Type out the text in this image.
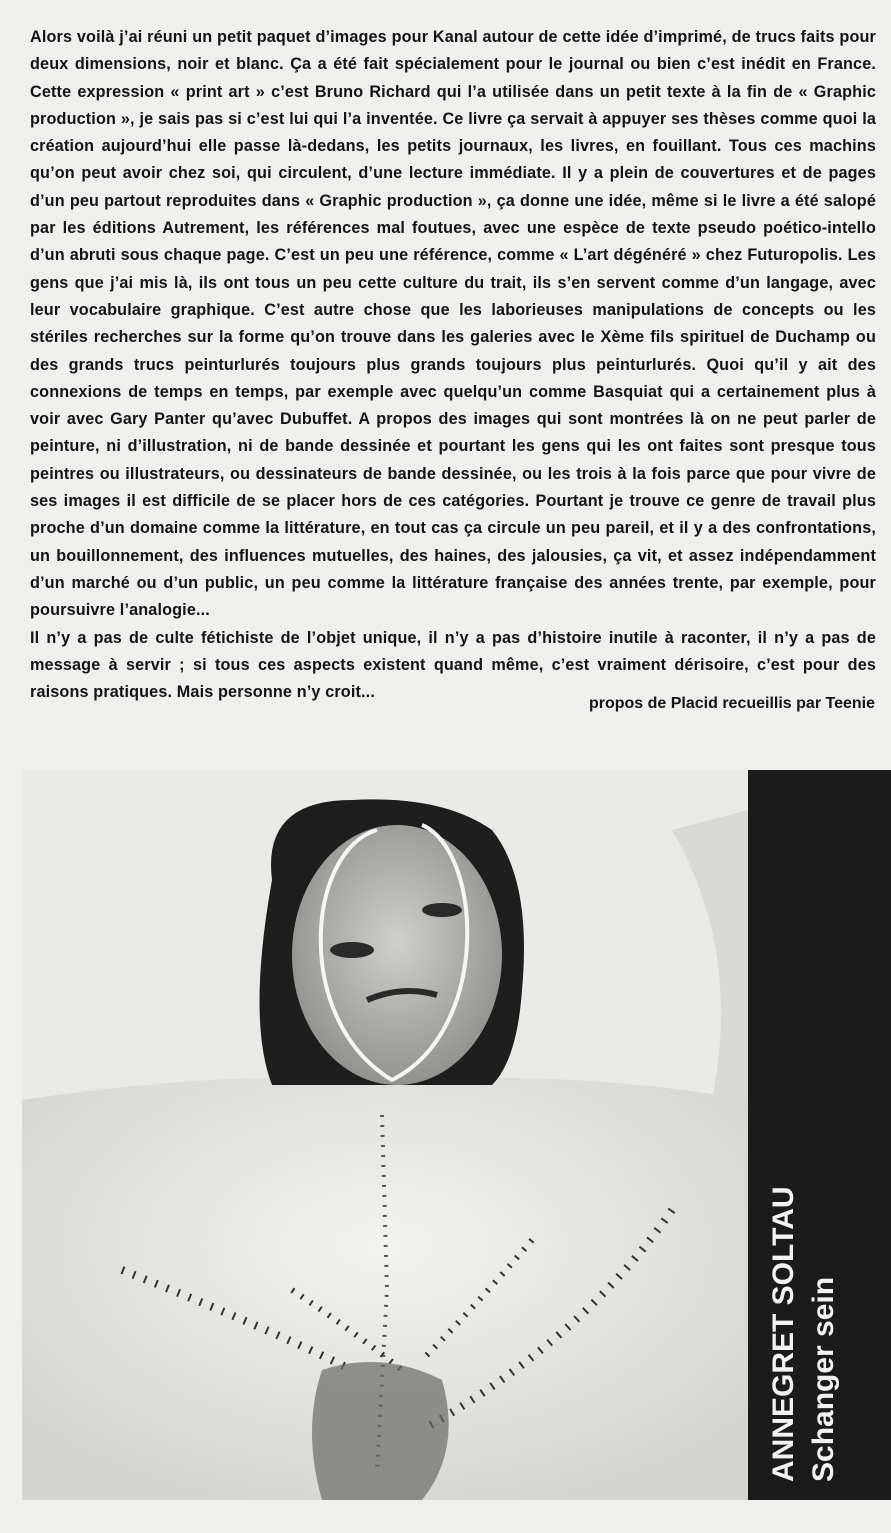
Alors voilà j’ai réuni un petit paquet d’images pour Kanal autour de cette idée d’imprimé, de trucs faits pour deux dimensions, noir et blanc. Ça a été fait spécialement pour le journal ou bien c’est inédit en France. Cette expression « print art » c’est Bruno Richard qui l’a utilisée dans un petit texte à la fin de « Graphic production », je sais pas si c’est lui qui l’a inventée. Ce livre ça servait à appuyer ses thèses comme quoi la création aujourd’hui elle passe là-dedans, les petits journaux, les livres, en fouillant. Tous ces machins qu’on peut avoir chez soi, qui circulent, d’une lecture immédiate. Il y a plein de couvertures et de pages d’un peu partout reproduites dans « Graphic production », ça donne une idée, même si le livre a été salopé par les éditions Autrement, les références mal foutues, avec une espèce de texte pseudo poético-intello d’un abruti sous chaque page. C’est un peu une référence, comme « L’art dégénéré » chez Futuropolis. Les gens que j’ai mis là, ils ont tous un peu cette culture du trait, ils s’en servent comme d’un langage, avec leur vocabulaire graphique. C’est autre chose que les laborieuses manipulations de concepts ou les stériles recherches sur la forme qu’on trouve dans les galeries avec le Xème fils spirituel de Duchamp ou des grands trucs peinturlurés toujours plus grands toujours plus peinturlurés. Quoi qu’il y ait des connexions de temps en temps, par exemple avec quelqu’un comme Basquiat qui a certainement plus à voir avec Gary Panter qu’avec Dubuffet. A propos des images qui sont montrées là on ne peut parler de peinture, ni d’illustration, ni de bande dessinée et pourtant les gens qui les ont faites sont presque tous peintres ou illustrateurs, ou dessinateurs de bande dessinée, ou les trois à la fois parce que pour vivre de ses images il est difficile de se placer hors de ces catégories. Pourtant je trouve ce genre de travail plus proche d’un domaine comme la littérature, en tout cas ça circule un peu pareil, et il y a des confrontations, un bouillonnement, des influences mutuelles, des haines, des jalousies, ça vit, et assez indépendamment d’un marché ou d’un public, un peu comme la littérature française des années trente, par exemple, pour poursuivre l’analogie...

Il n’y a pas de culte fétichiste de l’objet unique, il n’y a pas d’histoire inutile à raconter, il n’y a pas de message à servir ; si tous ces aspects existent quand même, c’est vraiment dérisoire, c’est pour des raisons pratiques. Mais personne n’y croit...

propos de Placid recueillis par Teenie

ANNEGRET SOLTAU Schanger sein
